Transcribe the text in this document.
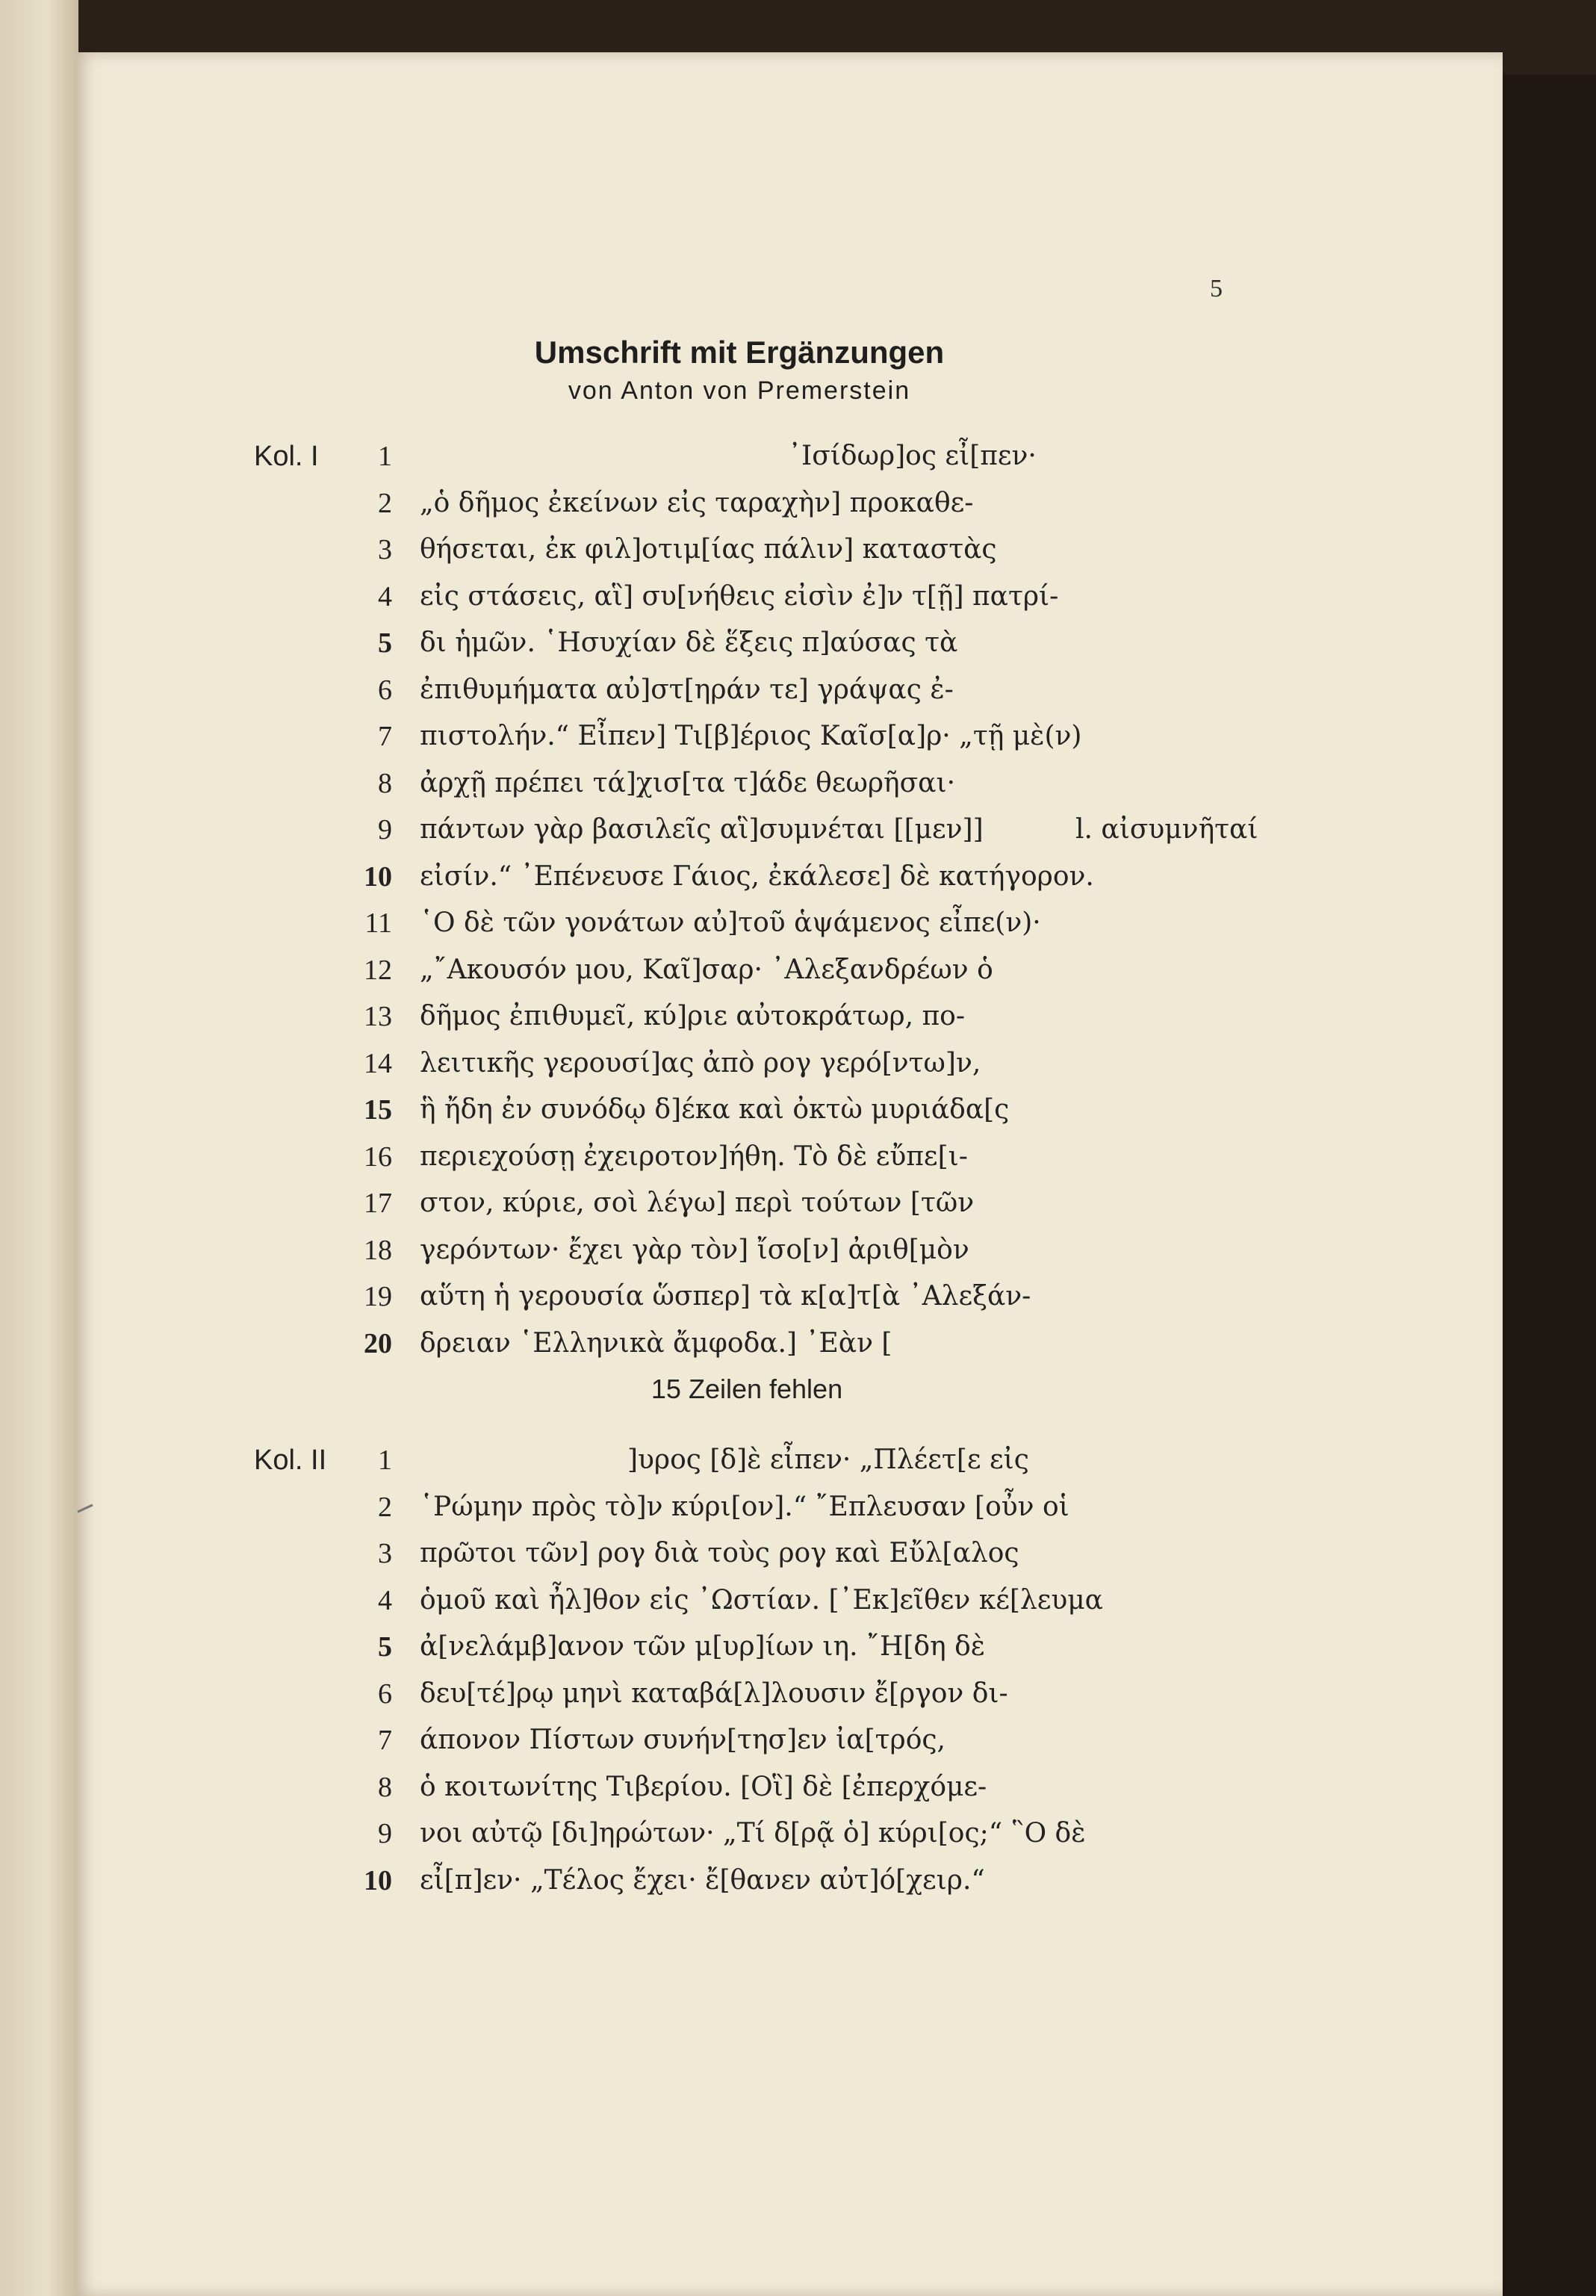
5
Umschrift mit Ergänzungen
von Anton von Premerstein
Kol. I 1	᾿Ισίδωρ]ος εἶ[πεν·
2 „ὁ δῆμος ἐκείνων εἰς ταραχὴν] προκαθε-
3 θήσεται, ἐκ φιλ]οτιμ[ίας πάλιν] καταστὰς
4 εἰς στάσεις, αἳ] συ[νήθεις εἰσὶν ἐ]ν τ[ῇ] πατρί-
5 δι ἡμῶν. ῾Ησυχίαν δὲ ἕξεις π]αύσας τὰ
6 ἐπιθυμήματα αὐ]στ[ηράν τε] γράψας ἐ-
7 πιστολήν.“ Εἶπεν] Τι[β]έριος Καῖσ[α]ρ· „τῇ μὲ(ν)
8 ἀρχῇ πρέπει τά]χισ[τα τ]άδε θεωρῆσαι·
9 πάντων γὰρ βασιλεῖς αἳ]συμνέται [[μεν]]	l. αἰσυμνῆταί
10 εἰσίν.“ ᾿Επένευσε Γάιος, ἐκάλεσε] δὲ κατήγορον.
11 ῾Ο δὲ τῶν γονάτων αὐ]τοῦ ἁψάμενος εἶπε(ν)·
12 „῎Ακουσόν μου, Καῖ]σαρ· ᾿Αλεξανδρέων ὁ
13 δῆμος ἐπιθυμεῖ, κύ]ριε αὐτοκράτωρ, πο-
14 λειτικῆς γερουσί]ας ἀπὸ ρογ γερό[ντω]ν,
15 ἣ ἤδη ἐν συνόδῳ δ]έκα καὶ ὀκτὼ μυριάδα[ς
16 περιεχούσῃ ἐχειροτον]ήθη. Τὸ δὲ εὔπε[ι-
17 στον, κύριε, σοὶ λέγω] περὶ τούτων [τῶν
18 γερόντων· ἔχει γὰρ τὸν] ἴσο[ν] ἀριθ[μὸν
19 αὕτη ἡ γερουσία ὥσπερ] τὰ κ[α]τ[ὰ ᾿Αλεξάν-
20 δρειαν ῾Ελληνικὰ ἄμφοδα.] ᾿Εὰν [
15 Zeilen fehlen
Kol. II 1	]υρος [δ]ὲ εἶπεν· „Πλέετ[ε εἰς
2 ῾Ρώμην πρὸς τὸ]ν κύρι[ον].“ ῎Επλευσαν [οὖν οἱ
3 πρῶτοι τῶν] ρογ διὰ τοὺς ρογ καὶ Εὔλ[αλος
4 ὁμοῦ καὶ ἦλ]θον εἰς ᾿Ωστίαν. [᾿Εκ]εῖθεν κέ[λευμα
5 ἀ[νελάμβ]ανον τῶν μ[υρ]ίων ιη. ῎Η[δη δὲ
6 δευ[τέ]ρῳ μηνὶ καταβά[λ]λουσιν ἔ[ργον δι-
7 άπονον Πίστων συνήν[τησ]εν ἰα[τρός,
8 ὁ κοιτωνίτης Τιβερίου. [Οἳ] δὲ [ἐπερχόμε-
9 νοι αὐτῷ [δι]ηρώτων· „Τί δ[ρᾷ ὁ] κύρι[ος;“ ῝Ο δὲ
10 εἶ[π]εν· „Τέλος ἔχει· ἔ[θανεν αὐτ]ό[χειρ.“
